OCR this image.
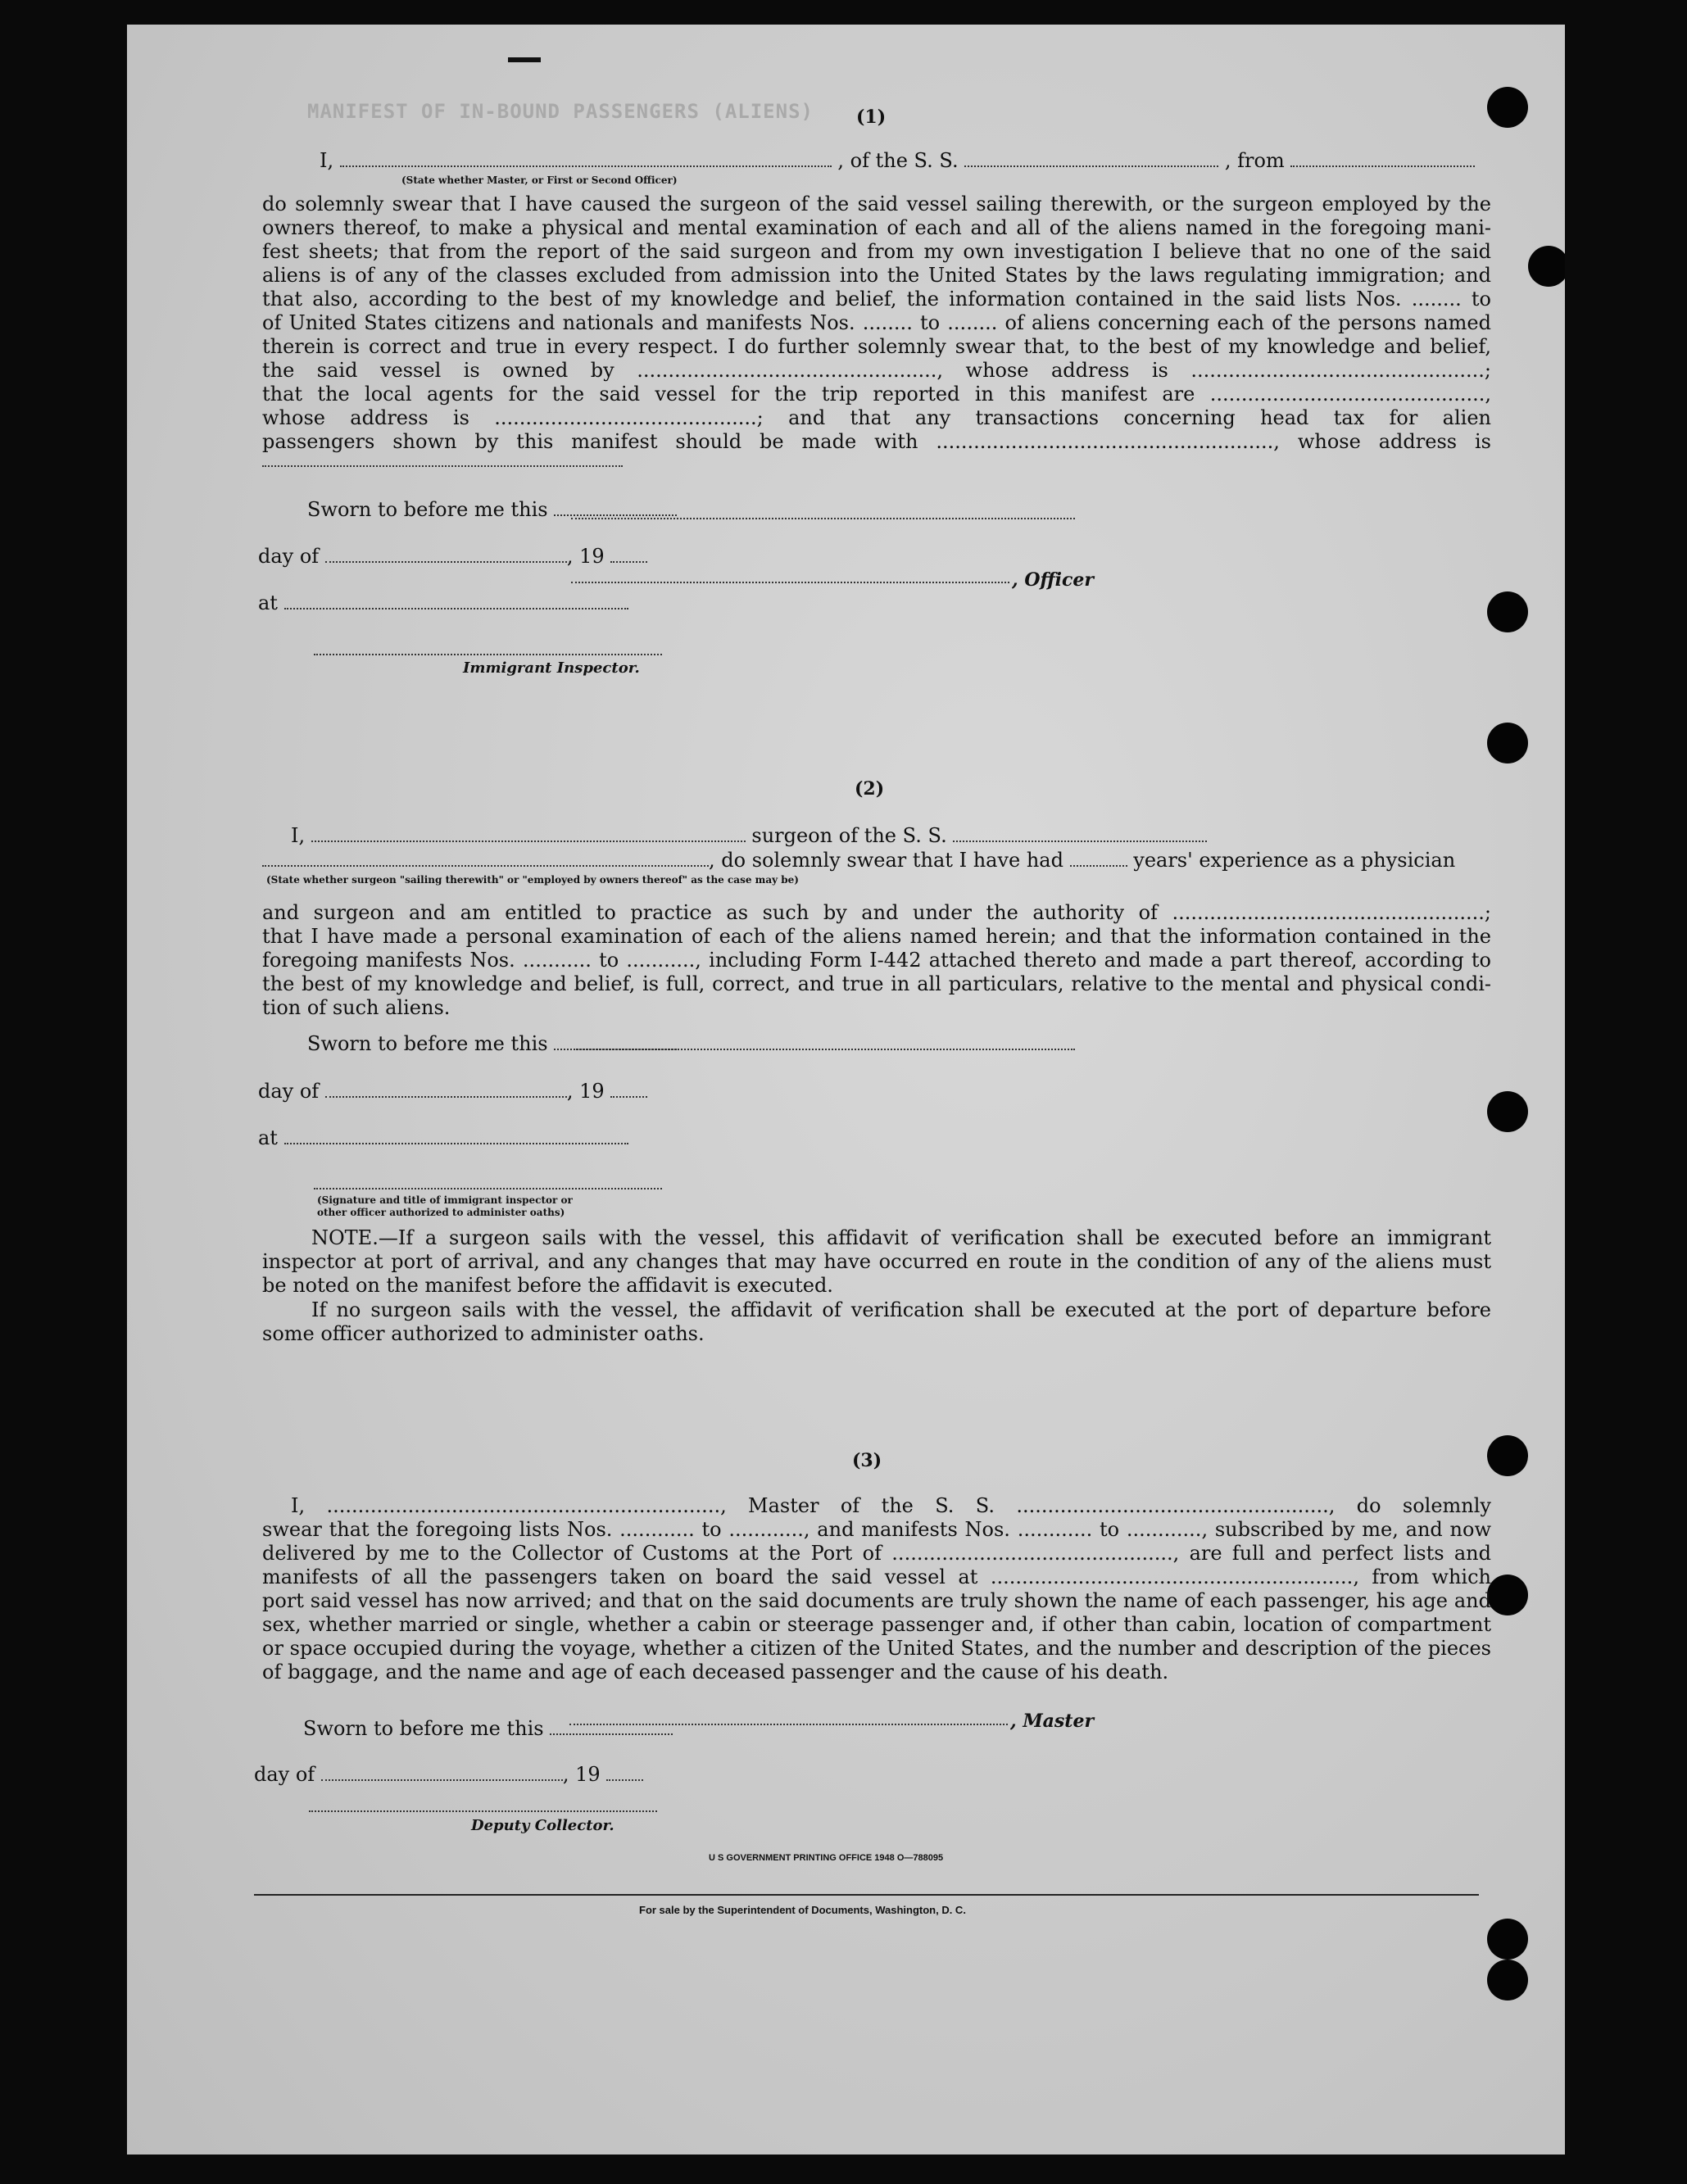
MANIFEST OF IN-BOUND PASSENGERS (ALIENS) (1)
I,	, of the S. S.	, from
(State whether Master, or First or Second Officer)
do solemnly swear that I have caused the surgeon of the said vessel sailing therewith, or the surgeon employed by the
owners thereof, to make a physical and mental examination of each and all of the aliens named in the foregoing mani-
fest sheets; that from the report of the said surgeon and from my own investigation I believe that no one of the said
aliens is of any of the classes excluded from admission into the United States by the laws regulating immigration; and
that also, according to the best of my knowledge and belief, the information contained in the said lists Nos. ........ to
of United States citizens and nationals and manifests Nos. ........ to ........ of aliens concerning each of the persons named
therein is correct and true in every respect. I do further solemnly swear that, to the best of my knowledge and belief,
the said vessel is owned by ................................................, whose address is ...............................................;
that the local agents for the said vessel for the trip reported in this manifest are ............................................,
whose address is ..........................................; and that any transactions concerning head tax for alien
passengers shown by this manifest should be made with ......................................................, whose address is
Sworn to before me this
day of	, 19
at
Immigrant Inspector.
, Officer
(2)
I,	surgeon of the S. S.
, do solemnly swear that I have had	years' experience as a physician
(State whether surgeon "sailing therewith" or "employed by owners thereof" as the case may be)
and surgeon and am entitled to practice as such by and under the authority of ..................................................;
that I have made a personal examination of each of the aliens named herein; and that the information contained in the
foregoing manifests Nos. ........... to ..........., including Form I-442 attached thereto and made a part thereof, according to
the best of my knowledge and belief, is full, correct, and true in all particulars, relative to the mental and physical condi-
tion of such aliens.
Sworn to before me this
day of	, 19
at
(Signature and title of immigrant inspector or
other officer authorized to administer oaths)
NOTE.—If a surgeon sails with the vessel, this affidavit of verification shall be executed before an immigrant
inspector at port of arrival, and any changes that may have occurred en route in the condition of any of the aliens must
be noted on the manifest before the affidavit is executed.
If no surgeon sails with the vessel, the affidavit of verification shall be executed at the port of departure before
some officer authorized to administer oaths.
(3)
I, ..............................................................., Master of the S. S. .................................................., do solemnly
swear that the foregoing lists Nos. ............ to ............, and manifests Nos. ............ to ............, subscribed by me, and now
delivered by me to the Collector of Customs at the Port of ............................................., are full and perfect lists and
manifests of all the passengers taken on board the said vessel at .........................................................., from which
port said vessel has now arrived; and that on the said documents are truly shown the name of each passenger, his age and
sex, whether married or single, whether a cabin or steerage passenger and, if other than cabin, location of compartment
or space occupied during the voyage, whether a citizen of the United States, and the number and description of the pieces
of baggage, and the name and age of each deceased passenger and the cause of his death.
Sworn to before me this
day of	, 19
Deputy Collector.
, Master
U S GOVERNMENT PRINTING OFFICE 1948 O—788095
For sale by the Superintendent of Documents, Washington, D. C.
